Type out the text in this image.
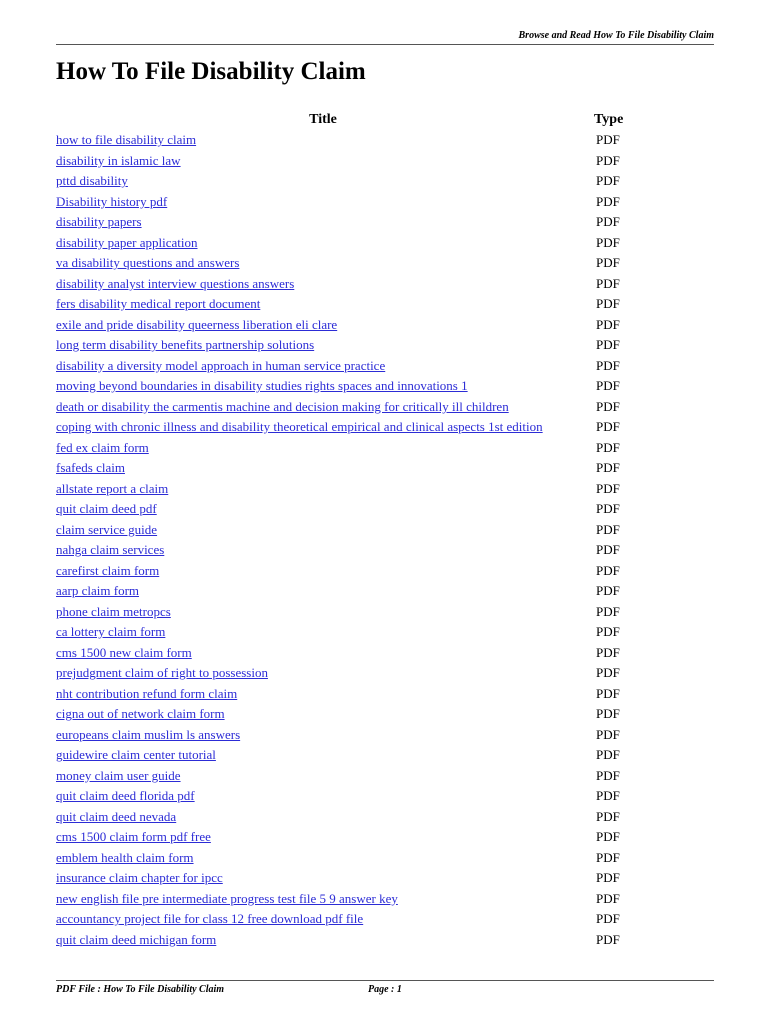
Browse and Read How To File Disability Claim
How To File Disability Claim
Title	Type
how to file disability claim	PDF
disability in islamic law	PDF
pttd disability	PDF
Disability history pdf	PDF
disability papers	PDF
disability paper application	PDF
va disability questions and answers	PDF
disability analyst interview questions answers	PDF
fers disability medical report document	PDF
exile and pride disability queerness liberation eli clare	PDF
long term disability benefits partnership solutions	PDF
disability a diversity model approach in human service practice	PDF
moving beyond boundaries in disability studies rights spaces and innovations 1	PDF
death or disability the carmentis machine and decision making for critically ill children	PDF
coping with chronic illness and disability theoretical empirical and clinical aspects 1st edition	PDF
fed ex claim form	PDF
fsafeds claim	PDF
allstate report a claim	PDF
quit claim deed pdf	PDF
claim service guide	PDF
nahga claim services	PDF
carefirst claim form	PDF
aarp claim form	PDF
phone claim metropcs	PDF
ca lottery claim form	PDF
cms 1500 new claim form	PDF
prejudgment claim of right to possession	PDF
nht contribution refund form claim	PDF
cigna out of network claim form	PDF
europeans claim muslim ls answers	PDF
guidewire claim center tutorial	PDF
money claim user guide	PDF
quit claim deed florida pdf	PDF
quit claim deed nevada	PDF
cms 1500 claim form pdf free	PDF
emblem health claim form	PDF
insurance claim chapter for ipcc	PDF
new english file pre intermediate progress test file 5 9 answer key	PDF
accountancy project file for class 12 free download pdf file	PDF
quit claim deed michigan form	PDF
PDF File : How To File Disability Claim	Page : 1
